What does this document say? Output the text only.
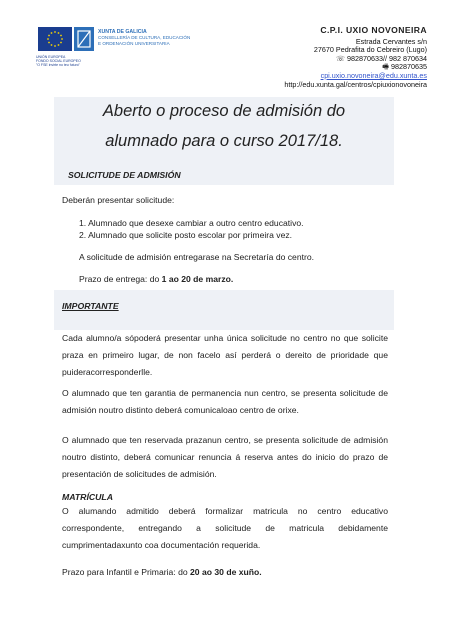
UNIÓN EUROPEA
FONDO SOCIAL EUROPEO
"O FSE invirte no teu futuro"
XUNTA DE GALICIA
CONSELLERÍA DE CULTURA, EDUCACIÓN
E ORDENACIÓN UNIVERSITARIA
C.P.I. UXIO NOVONEIRA
Estrada Cervantes s/n
27670 Pedrafita do Cebreiro (Lugo)
☏ 982870633// 982 870634
🖷 982870635
cpi.uxio.novoneira@edu.xunta.es
http://edu.xunta.gal/centros/cpiuxionovoneira
Aberto o proceso de admisión do
alumnado para o curso 2017/18.
SOLICITUDE DE ADMISIÓN
Deberán presentar solicitude:
1. Alumnado que desexe cambiar a outro centro educativo.
2. Alumnado que solicite posto escolar por primeira vez.
A solicitude de admisión entregarase na Secretaría do centro.
Prazo de entrega: do 1 ao 20 de marzo.
IMPORTANTE
Cada alumno/a sópoderá presentar unha única solicitude no centro no que solicite praza en primeiro lugar, de non facelo así perderá o dereito de prioridade que puideracorresponderlle.
O alumnado que ten garantia de permanencia nun centro, se presenta solicitude de admisión noutro distinto deberá comunicaloao centro de orixe.
O alumnado que ten reservada prazanun centro, se presenta solicitude de admisión noutro distinto, deberá comunicar renuncia á reserva antes do inicio do prazo de presentación de solicitudes de admisión.
MATRÍCULA
O alumando admitido deberá formalizar matricula no centro educativo correspondente, entregando a solicitude de matricula debidamente cumprimentadaxunto coa documentación requerida.
Prazo para Infantil e Primaria: do 20 ao 30 de xuño.
